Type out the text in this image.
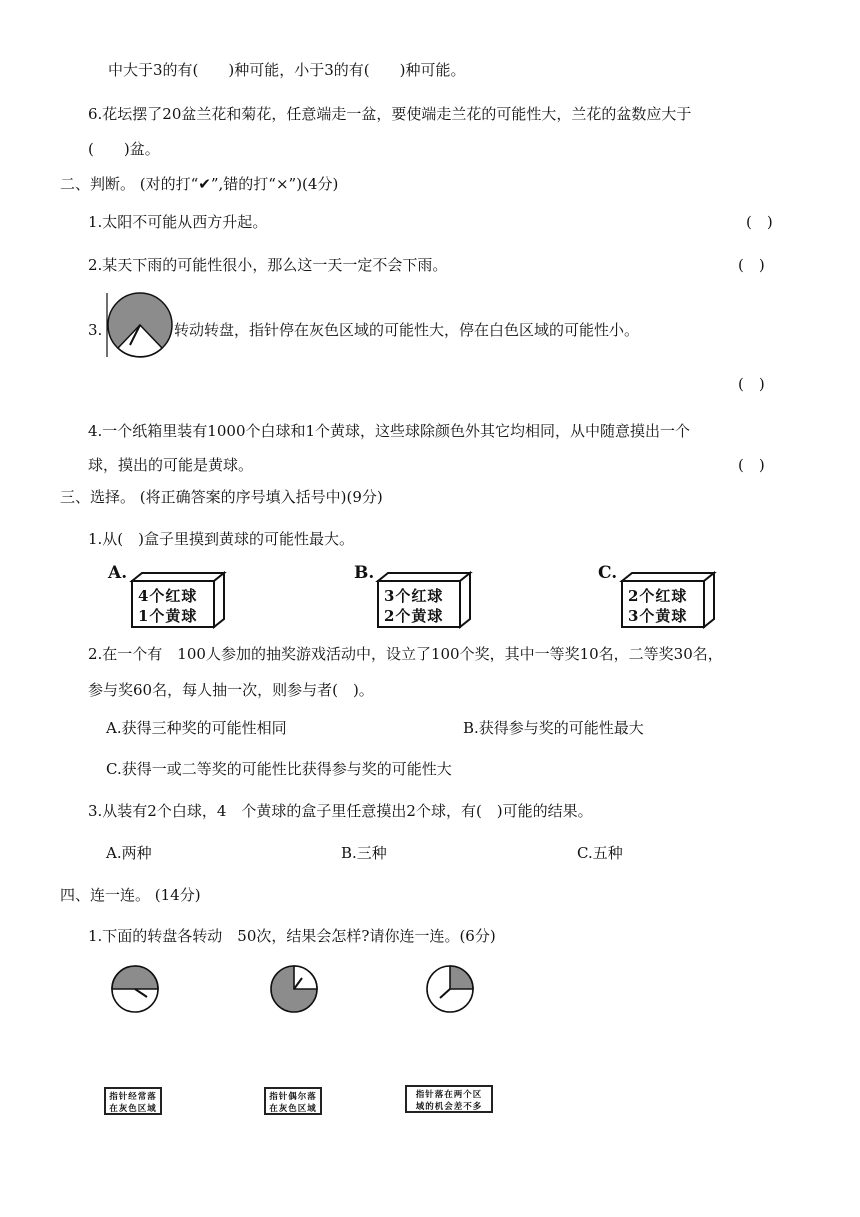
中大于3的有(　　)种可能，小于3的有(　　)种可能。
6.花坛摆了20盆兰花和菊花，任意端走一盆，要使端走兰花的可能性大，兰花的盆数应大于
(　　)盆。
二、判断。 (对的打“✔”,错的打“×”)(4分)
1.太阳不可能从西方升起。	(　)
2.某天下雨的可能性很小，那么这一天一定不会下雨。	(　)
3.	转动转盘，指针停在灰色区域的可能性大，停在白色区域的可能性小。
(　)
4.一个纸箱里装有1000个白球和1个黄球，这些球除颜色外其它均相同，从中随意摸出一个
球，摸出的可能是黄球。	(　)
三、选择。 (将正确答案的序号填入括号中)(9分)
1.从(　)盒子里摸到黄球的可能性最大。
A.
4个红球
1个黄球
B.
3个红球
2个黄球
C.
2个红球
3个黄球
2.在一个有　100人参加的抽奖游戏活动中，设立了100个奖，其中一等奖10名，二等奖30名，
参与奖60名，每人抽一次，则参与者(　)。
A.获得三种奖的可能性相同	B.获得参与奖的可能性最大
C.获得一或二等奖的可能性比获得参与奖的可能性大
3.从装有2个白球，4　个黄球的盒子里任意摸出2个球，有(　)可能的结果。
A.两种	B.三种	C.五种
四、连一连。 (14分)
1.下面的转盘各转动　50次，结果会怎样?请你连一连。(6分)
指针经常落
在灰色区域
指针偶尔落
在灰色区域
指针落在两个区
域的机会差不多
